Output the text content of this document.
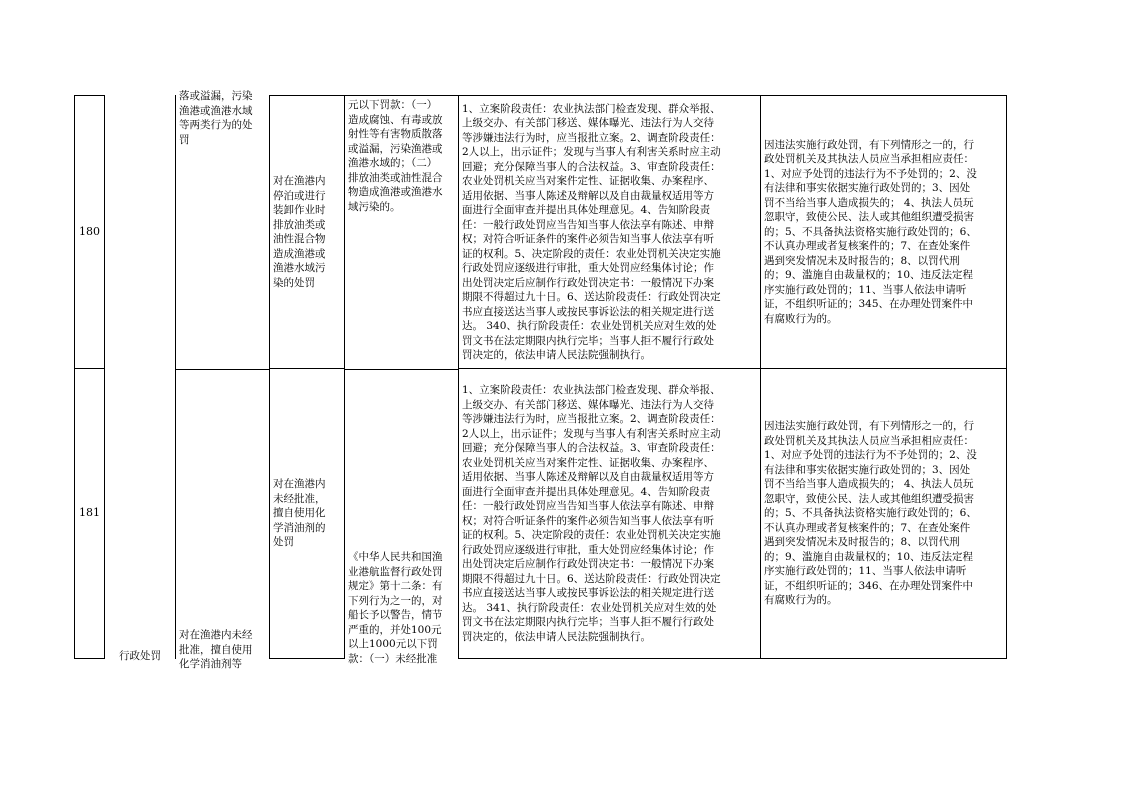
180

落或溢漏，污染
渔港或渔港水域
等两类行为的处
罚

对在渔港内
停泊或进行
装卸作业时
排放油类或
油性混合物
造成渔港或
渔港水域污
染的处罚

元以下罚款：（一）
造成腐蚀、有毒或放
射性等有害物质散落
或溢漏，污染渔港或
渔港水域的；（二）
排放油类或油性混合
物造成渔港或渔港水
域污染的。

1、立案阶段责任：农业执法部门检查发现、群众举报、
上级交办、有关部门移送、媒体曝光、违法行为人交待
等涉嫌违法行为时，应当报批立案。2、调查阶段责任：
2人以上，出示证件；发现与当事人有利害关系时应主动
回避；充分保障当事人的合法权益。3、审查阶段责任：
农业处罚机关应当对案件定性、证据收集、办案程序、
适用依据、当事人陈述及辩解以及自由裁量权适用等方
面进行全面审查并提出具体处理意见。4、告知阶段责
任：一般行政处罚应当告知当事人依法享有陈述、申辩
权；对符合听证条件的案件必须告知当事人依法享有听
证的权利。5、决定阶段的责任：农业处罚机关决定实施
行政处罚应逐级进行审批，重大处罚应经集体讨论；作
出处罚决定后应制作行政处罚决定书：一般情况下办案
期限不得超过九十日。6、送达阶段责任：行政处罚决定
书应直接送达当事人或按民事诉讼法的相关规定进行送
达。 340、执行阶段责任：农业处罚机关应对生效的处
罚文书在法定期限内执行完毕；当事人拒不履行行政处
罚决定的，依法申请人民法院强制执行。
因违法实施行政处罚，有下列情形之一的，行
政处罚机关及其执法人员应当承担相应责任：
1、对应予处罚的违法行为不予处罚的；2、没
有法律和事实依据实施行政处罚的；3、因处
罚不当给当事人造成损失的； 4、执法人员玩
忽职守，致使公民、法人或其他组织遭受损害
的；5、不具备执法资格实施行政处罚的；6、
不认真办理或者复核案件的；7、在查处案件
遇到突发情况未及时报告的；8、以罚代刑
的；9、滥施自由裁量权的；10、违反法定程
序实施行政处罚的；11、当事人依法申请听
证，不组织听证的；345、在办理处罚案件中
有腐败行为的。
181

行政处罚

对在渔港内未经
批准，擅自使用
化学消油剂等

对在渔港内
未经批准，
擅自使用化
学消油剂的
处罚

《中华人民共和国渔
业港航监督行政处罚
规定》第十二条：有
下列行为之一的，对
船长予以警告，情节
严重的，并处100元
以上1000元以下罚
款：（一）未经批准

1、立案阶段责任：农业执法部门检查发现、群众举报、
上级交办、有关部门移送、媒体曝光、违法行为人交待
等涉嫌违法行为时，应当报批立案。2、调查阶段责任：
2人以上，出示证件；发现与当事人有利害关系时应主动
回避；充分保障当事人的合法权益。3、审查阶段责任：
农业处罚机关应当对案件定性、证据收集、办案程序、
适用依据、当事人陈述及辩解以及自由裁量权适用等方
面进行全面审查并提出具体处理意见。4、告知阶段责
任：一般行政处罚应当告知当事人依法享有陈述、申辩
权；对符合听证条件的案件必须告知当事人依法享有听
证的权利。5、决定阶段的责任：农业处罚机关决定实施
行政处罚应逐级进行审批，重大处罚应经集体讨论；作
出处罚决定后应制作行政处罚决定书：一般情况下办案
期限不得超过九十日。6、送达阶段责任：行政处罚决定
书应直接送达当事人或按民事诉讼法的相关规定进行送
达。 341、执行阶段责任：农业处罚机关应对生效的处
罚文书在法定期限内执行完毕；当事人拒不履行行政处
罚决定的，依法申请人民法院强制执行。
因违法实施行政处罚，有下列情形之一的，行
政处罚机关及其执法人员应当承担相应责任：
1、对应予处罚的违法行为不予处罚的；2、没
有法律和事实依据实施行政处罚的；3、因处
罚不当给当事人造成损失的； 4、执法人员玩
忽职守，致使公民、法人或其他组织遭受损害
的；5、不具备执法资格实施行政处罚的；6、
不认真办理或者复核案件的；7、在查处案件
遇到突发情况未及时报告的；8、以罚代刑
的；9、滥施自由裁量权的；10、违反法定程
序实施行政处罚的；11、当事人依法申请听
证，不组织听证的；346、在办理处罚案件中
有腐败行为的。
